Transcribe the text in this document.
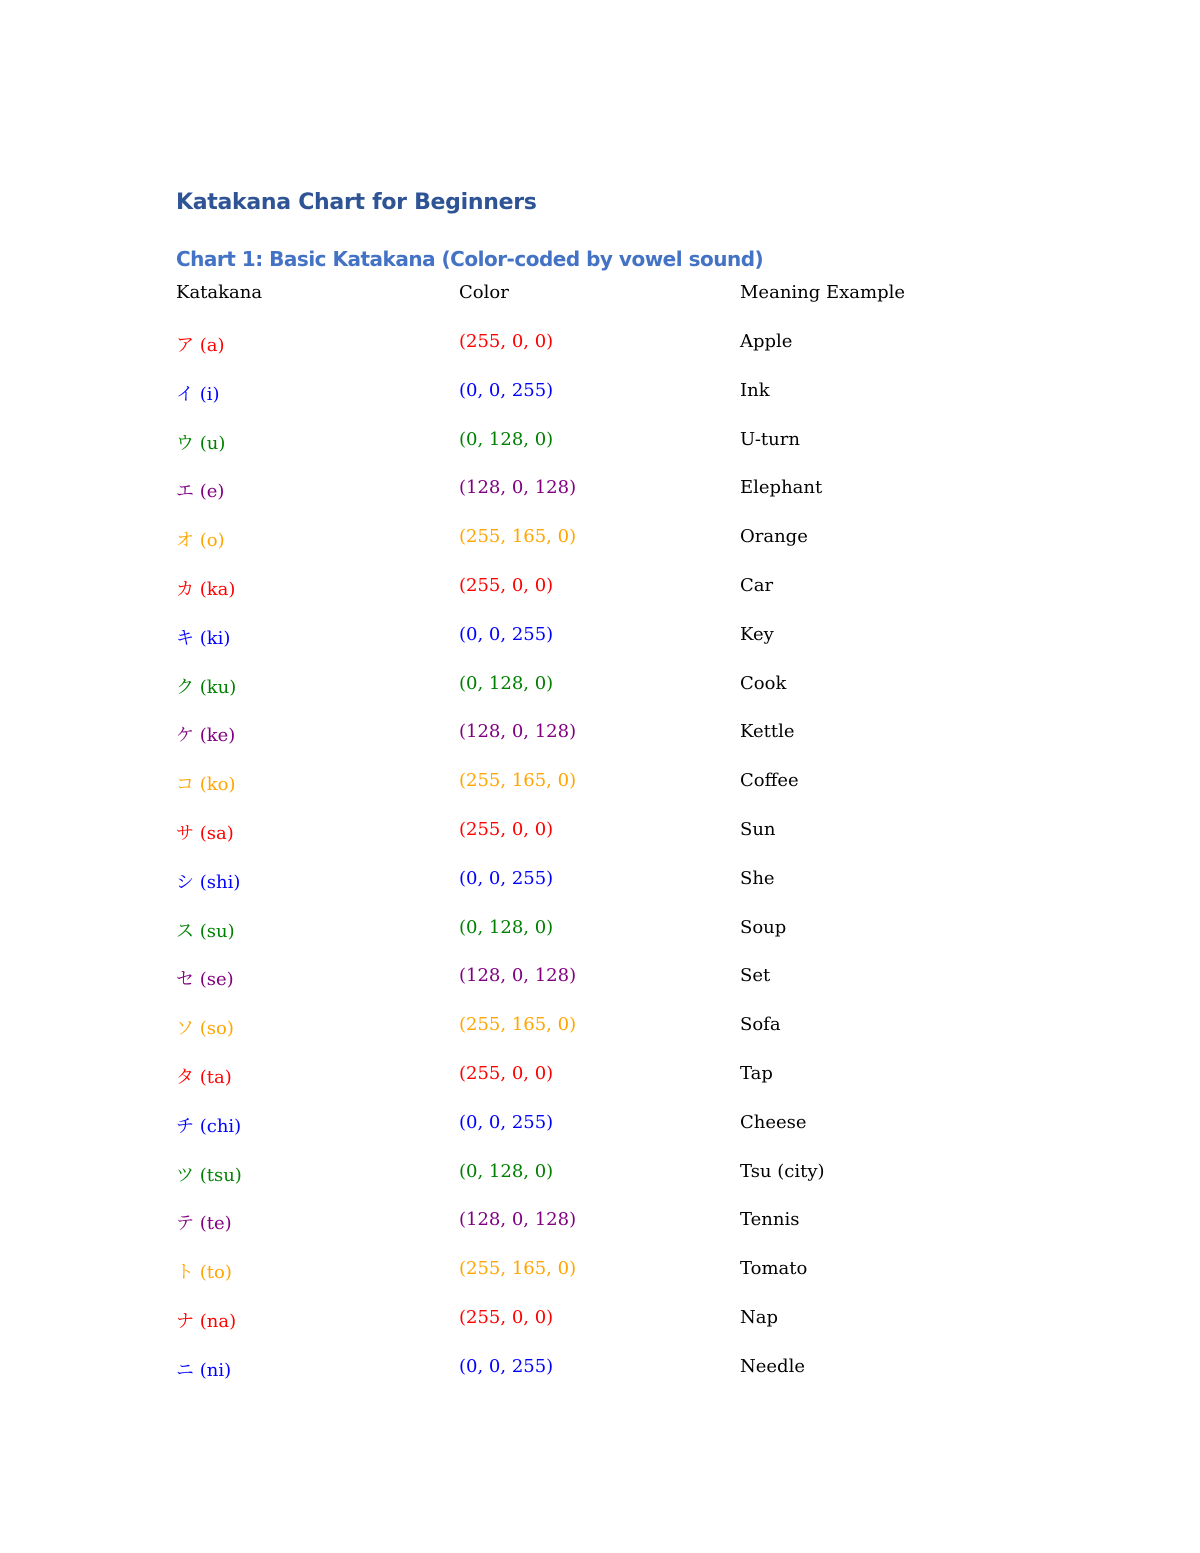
Katakana Chart for Beginners
Chart 1: Basic Katakana (Color-coded by vowel sound)
Katakana	Color	Meaning Example
ア (a)	(255, 0, 0)	Apple
イ (i)	(0, 0, 255)	Ink
ウ (u)	(0, 128, 0)	U-turn
エ (e)	(128, 0, 128)	Elephant
オ (o)	(255, 165, 0)	Orange
カ (ka)	(255, 0, 0)	Car
キ (ki)	(0, 0, 255)	Key
ク (ku)	(0, 128, 0)	Cook
ケ (ke)	(128, 0, 128)	Kettle
コ (ko)	(255, 165, 0)	Coffee
サ (sa)	(255, 0, 0)	Sun
シ (shi)	(0, 0, 255)	She
ス (su)	(0, 128, 0)	Soup
セ (se)	(128, 0, 128)	Set
ソ (so)	(255, 165, 0)	Sofa
タ (ta)	(255, 0, 0)	Tap
チ (chi)	(0, 0, 255)	Cheese
ツ (tsu)	(0, 128, 0)	Tsu (city)
テ (te)	(128, 0, 128)	Tennis
ト (to)	(255, 165, 0)	Tomato
ナ (na)	(255, 0, 0)	Nap
ニ (ni)	(0, 0, 255)	Needle
